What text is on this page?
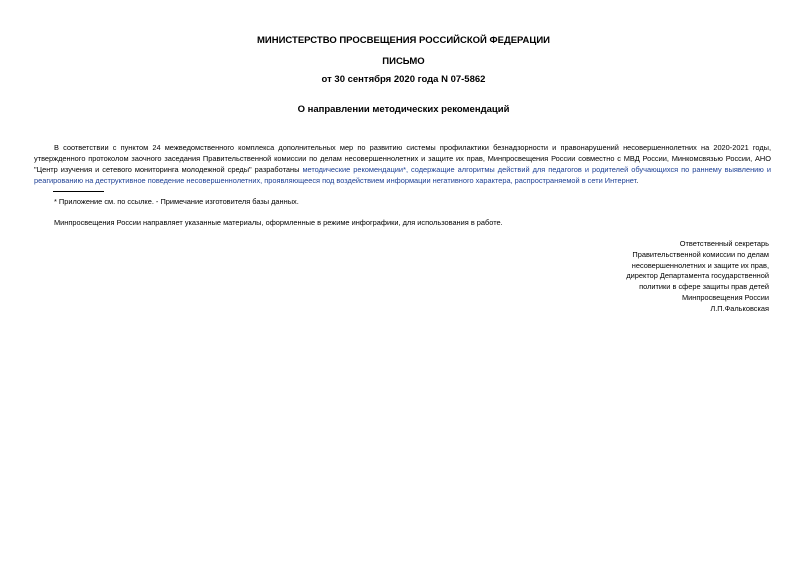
МИНИСТЕРСТВО ПРОСВЕЩЕНИЯ РОССИЙСКОЙ ФЕДЕРАЦИИ
ПИСЬМО
от 30 сентября 2020 года N 07-5862
О направлении методических рекомендаций

В соответствии с пунктом 24 межведомственного комплекса дополнительных мер по развитию системы профилактики безнадзорности и правонарушений несовершеннолетних на 2020-2021 годы, утвержденного протоколом заочного заседания Правительственной комиссии по делам несовершеннолетних и защите их прав, Минпросвещения России совместно с МВД России, Минкомсвязью России, АНО "Центр изучения и сетевого мониторинга молодежной среды" разработаны методические рекомендации*, содержащие алгоритмы действий для педагогов и родителей обучающихся по раннему выявлению и реагированию на деструктивное поведение несовершеннолетних, проявляющееся под воздействием информации негативного характера, распространяемой в сети Интернет.

* Приложение см. по ссылке. - Примечание изготовителя базы данных.
Минпросвещения России направляет указанные материалы, оформленные в режиме инфографики, для использования в работе.
Ответственный секретарь
Правительственной комиссии по делам
несовершеннолетних и защите их прав,
директор Департамента государственной
политики в сфере защиты прав детей
Минпросвещения России
Л.П.Фальковская
